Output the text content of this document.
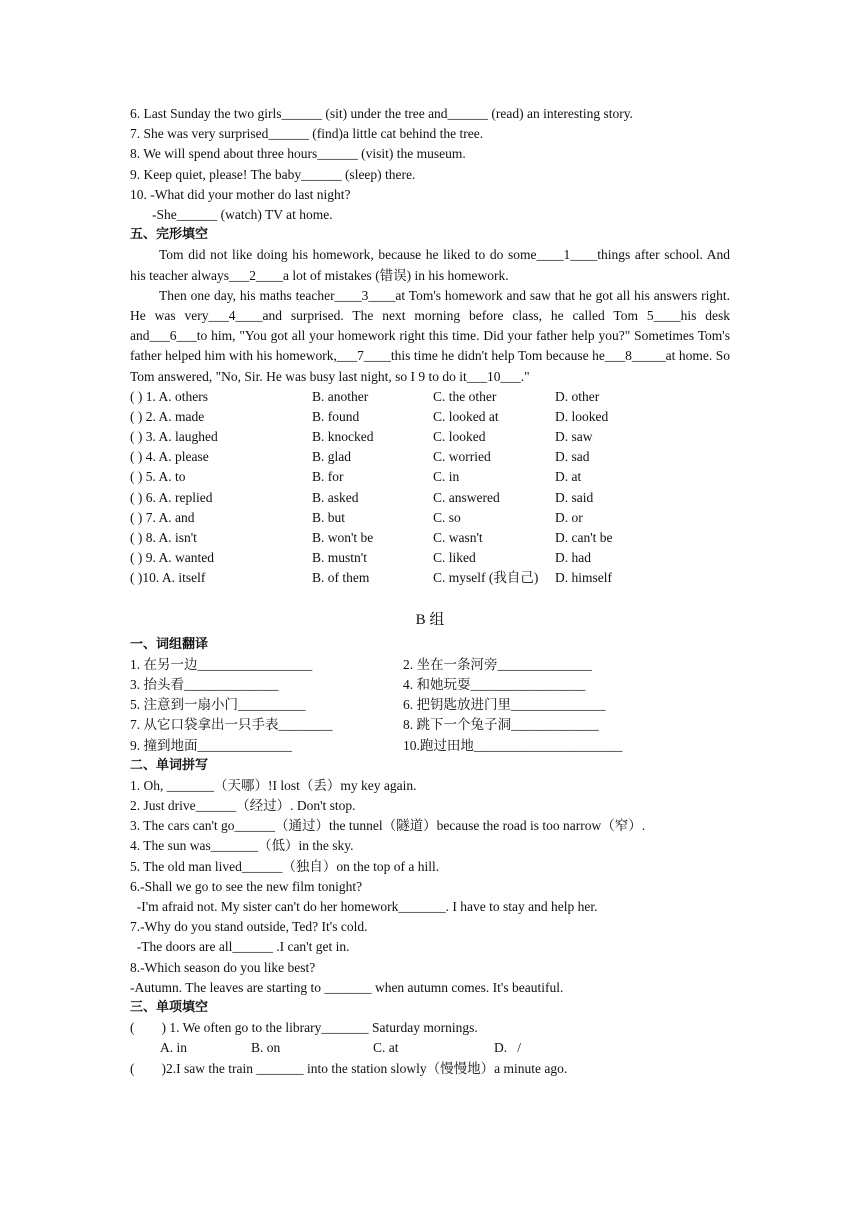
6. Last Sunday the two girls______ (sit) under the tree and______ (read) an interesting story.
7. She was very surprised______ (find)a little cat behind the tree.
8. We will spend about three hours______ (visit) the museum.
9. Keep quiet, please! The baby______ (sleep) there.
10. -What did your mother do last night?
-She______ (watch) TV at home.
五、完形填空
Tom did not like doing his homework, because he liked to do some____1____things after school. And his teacher always___2____a lot of mistakes (错误) in his homework.
Then one day, his maths teacher____3____at Tom's homework and saw that he got all his answers right. He was very___4____and surprised. The next morning before class, he called Tom 5____his desk and___6___to him, "You got all your homework right this time. Did your father help you?" Sometimes Tom's father helped him with his homework,___7____this time he didn't help Tom because he___8_____at home. So Tom answered, "No, Sir. He was busy last night, so I 9 to do it___10___."
( ) 1. A. others	B. another	C. the other	D. other
( ) 2. A. made	B. found	C. looked at	D. looked
( ) 3. A. laughed	B. knocked	C. looked	D. saw
( ) 4. A. please	B. glad	C. worried	D. sad
( ) 5. A. to	B. for	C. in	D. at
( ) 6. A. replied	B. asked	C. answered	D. said
( ) 7. A. and	B. but	C. so	D. or
( ) 8. A. isn't	B. won't be	C. wasn't	D. can't be
( ) 9. A. wanted	B. mustn't	C. liked	D. had
( )10. A. itself	B. of them	C. myself (我自己) D. himself
B 组
一、词组翻译
1. 在另一边_________________	2. 坐在一条河旁______________
3. 抬头看______________	4. 和她玩耍_________________
5. 注意到一扇小门__________	6. 把钥匙放进门里______________
7. 从它口袋拿出一只手表________	8. 跳下一个兔子洞_____________
9. 撞到地面______________	10.跑过田地______________________
二、单词拼写
1. Oh, _______（天哪）!I lost（丢）my key again.
2. Just drive______（经过）. Don't stop.
3. The cars can't go______（通过）the tunnel（隧道）because the road is too narrow（窄）.
4. The sun was_______（低）in the sky.
5. The old man lived______（独自）on the top of a hill.
6.-Shall we go to see the new film tonight?
-I'm afraid not. My sister can't do her homework_______. I have to stay and help her.
7.-Why do you stand outside, Ted? It's cold.
-The doors are all______ .I can't get in.
8.-Which season do you like best?
-Autumn. The leaves are starting to _______ when autumn comes. It's beautiful.
三、单项填空
(        ) 1. We often go to the library_______ Saturday mornings.
A. in	B. on	C. at	D.   /
(        )2.I saw the train _______ into the station slowly（慢慢地）a minute ago.
